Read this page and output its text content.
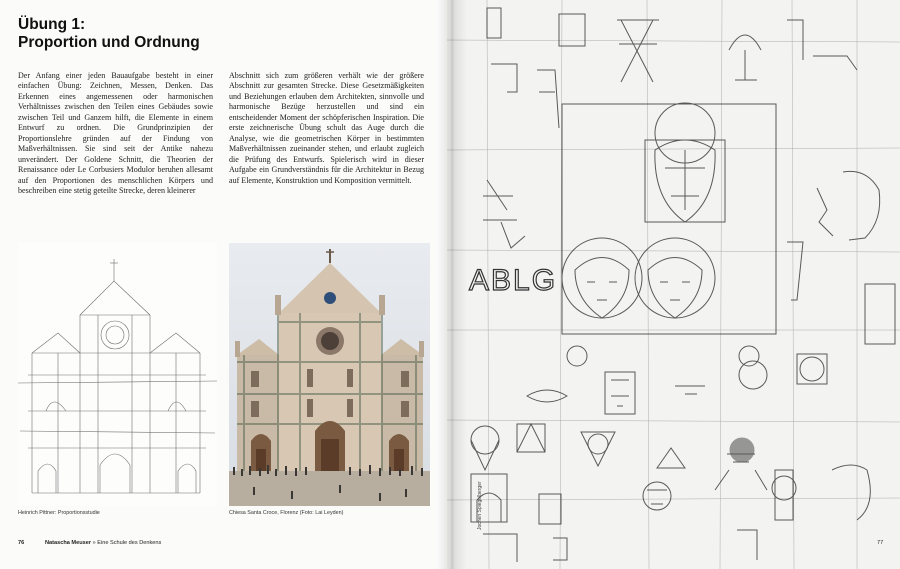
Übung 1:
Proportion und Ordnung

Der Anfang einer jeden Bauaufgabe besteht in einer einfachen Übung: Zeichnen, Messen, Denken. Das Erkennen eines angemessenen oder harmonischen Verhältnisses zwischen den Teilen eines Gebäudes sowie zwischen Teil und Ganzem hilft, die Elemente in einem Entwurf zu ordnen. Die Grundprinzipien der Proportionslehre gründen auf der Findung von Maßverhältnissen. Sie sind seit der Antike nahezu unverändert. Der Goldene Schnitt, die Theorien der Renaissance oder Le Corbusiers Modulor beruhen allesamt auf den Proportionen des menschlichen Körpers und beschreiben eine stetig geteilte Strecke, deren kleinerer

Abschnitt sich zum größeren verhält wie der größere Abschnitt zur gesamten Strecke. Diese Gesetzmäßigkeiten und Beziehungen erlauben dem Architekten, sinnvolle und harmonische Bezüge herzustellen und sind ein entscheidender Moment der schöpferischen Inspiration. Die erste zeichnerische Übung schult das Auge durch die Analyse, wie die geometrischen Körper in bestimmten Maßverhältnissen zueinander stehen, und erlaubt zugleich die Prüfung des Entwurfs. Spielerisch wird in dieser Aufgabe ein Grundverständnis für die Architektur in Bezug auf Elemente, Konstruktion und Komposition vermittelt.

Heinrich Pittner: Proportionsstudie	Chiesa Santa Croce, Florenz (Foto: Lai Leyden)

76	Natascha Meuser » Eine Schule des Denkens

ABLG
Jochen Spiegelberger

77
